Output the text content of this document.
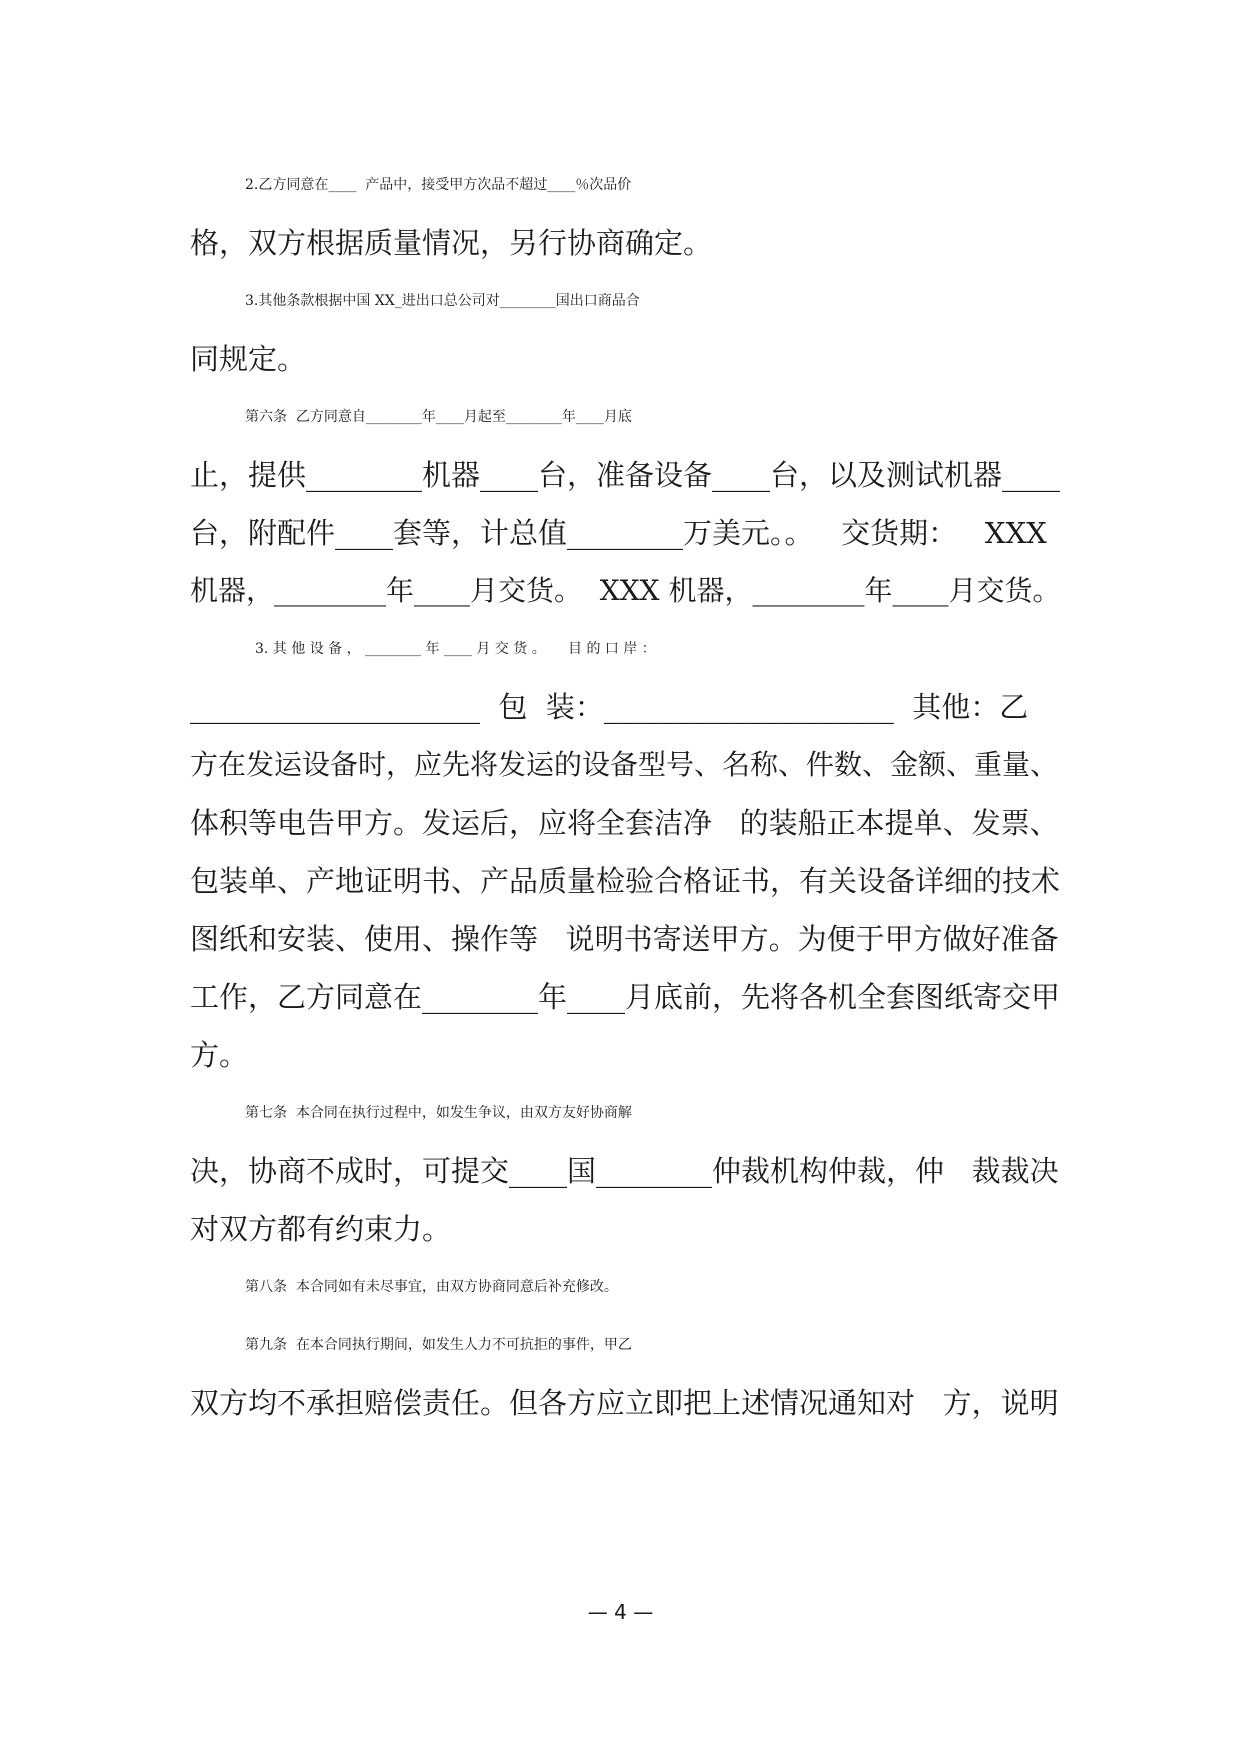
2.乙方同意在____  产品中，接受甲方次品不超过____％次品价
格，双方根据质量情况，另行协商确定。
3.其他条款根据中国 XX_进出口总公司对________国出口商品合
同规定。
第六条  乙方同意自________年____月起至________年____月底
止，提供________机器____台，准备设备____台，以及测试机器____
台，附配件____套等，计总值________万美元。。   交货期：   XXX
机器，________年____月交货。  XXX 机器，________年____月交货。
3. 其 他 设 备 ， ________ 年 ____ 月 交 货 。     目 的 口 岸 ：
____________________  包  装：____________________  其他：乙
方在发运设备时，应先将发运的设备型号、名称、件数、金额、重量、
体积等电告甲方。发运后，应将全套洁净   的装船正本提单、发票、
包装单、产地证明书、产品质量检验合格证书，有关设备详细的技术
图纸和安装、使用、操作等   说明书寄送甲方。为便于甲方做好准备
工作，乙方同意在________年____月底前，先将各机全套图纸寄交甲
方。
第七条  本合同在执行过程中，如发生争议，由双方友好协商解
决，协商不成时，可提交____国________仲裁机构仲裁，仲   裁裁决
对双方都有约束力。
第八条  本合同如有未尽事宜，由双方协商同意后补充修改。
第九条  在本合同执行期间，如发生人力不可抗拒的事件，甲乙
双方均不承担赔偿责任。但各方应立即把上述情况通知对   方，说明
— 4 —
